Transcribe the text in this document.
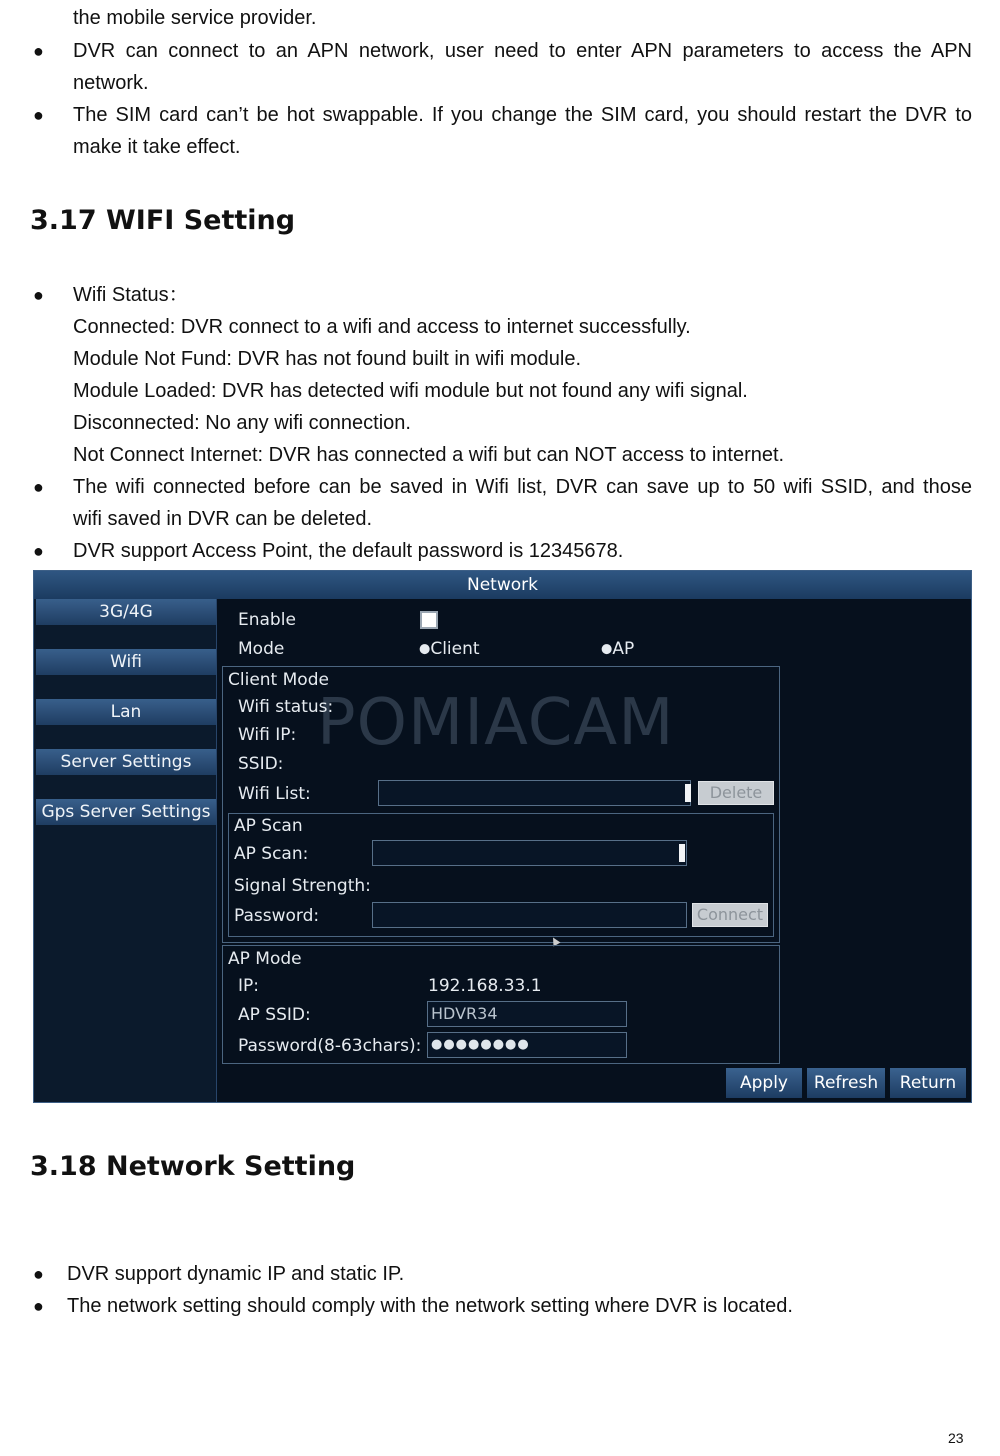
the mobile service provider.
● DVR can connect to an APN network, user need to enter APN parameters to access the APN
network.
● The SIM card can’t be hot swappable. If you change the SIM card, you should restart the DVR to
make it take effect.
3.17 WIFI Setting
● Wifi Status：
Connected: DVR connect to a wifi and access to internet successfully.
Module Not Fund: DVR has not found built in wifi module.
Module Loaded: DVR has detected wifi module but not found any wifi signal.
Disconnected: No any wifi connection.
Not Connect Internet: DVR has connected a wifi but can NOT access to internet.
● The wifi connected before can be saved in Wifi list, DVR can save up to 50 wifi SSID, and those
wifi saved in DVR can be deleted.
● DVR support Access Point, the default password is 12345678.
Network
3G/4G
Wifi
Lan
Server Settings
Gps Server Settings
POMIACAM
Enable
Mode	●Client	●AP
Client Mode
Wifi status:
Wifi IP:
SSID:
Wifi List:	Delete
AP Scan
AP Scan:
Signal Strength:
Password:	Connect
AP Mode
IP:	192.168.33.1
AP SSID:	HDVR34
Password(8-63chars): ●●●●●●●●
Apply	Refresh	Return
3.18 Network Setting
● DVR support dynamic IP and static IP.
● The network setting should comply with the network setting where DVR is located.
23
